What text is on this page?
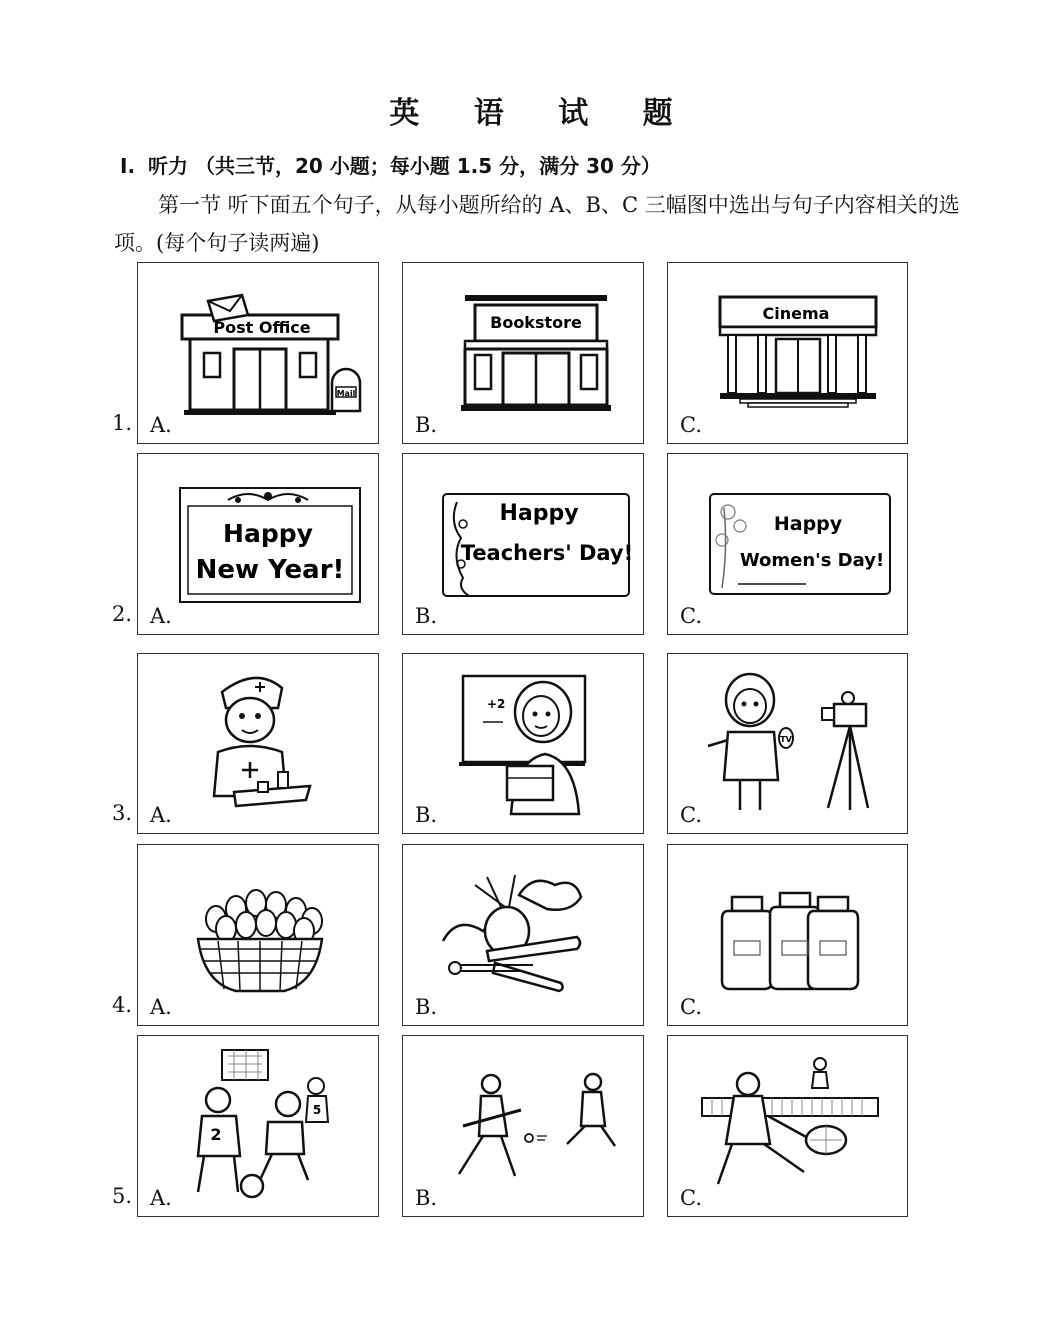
英 语 试 题
Ⅰ. 听力 （共三节，20 小题；每小题 1.5 分，满分 30 分）
第一节 听下面五个句子，从每小题所给的 A、B、C 三幅图中选出与句子内容相关的选项。(每个句子读两遍)
1.
Mail
Post Office
A.
Bookstore
B.
Cinema
C.
2.
Happy
New Year!
A.
Happy
Teachers' Day!
B.
Happy
Women's Day!
C.
3. A.
+2
B.
TV
C.
4. A.	B.	C.
5.
2
5
A.	B.	C.
